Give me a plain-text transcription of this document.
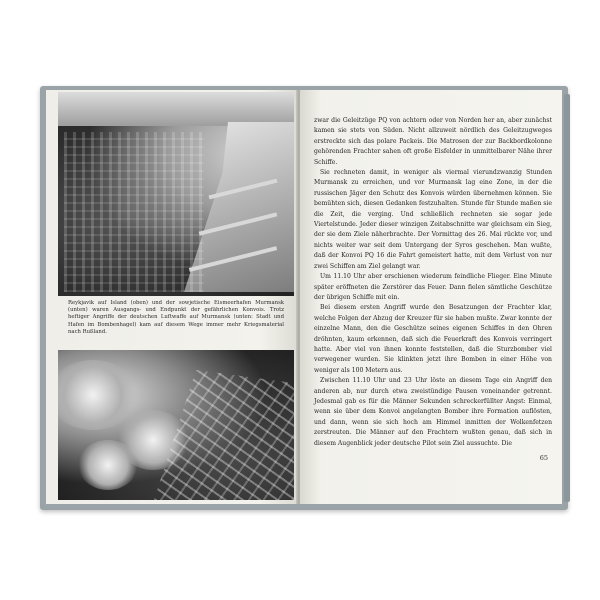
Reykjavik auf Island (oben) und der sowjetische Eismeerhafen Murmansk (unten) waren Ausgangs- und Endpunkt der gefährlichen Konvois. Trotz heftiger Angriffe der deutschen Luftwaffe auf Murmansk (unten: Stadt und Hafen im Bombenhagel) kam auf diesem Wege immer mehr Kriegsmaterial nach Rußland.

zwar die Geleitzüge PQ von achtern oder von Norden her an, aber zunächst kamen sie stets von Süden. Nicht allzuweit nördlich des Geleitzugweges erstreckte sich das polare Packeis. Die Matrosen der zur Backbordkolonne gehörenden Frachter sahen oft große Eisfelder in unmittelbarer Nähe ihrer Schiffe.

Sie rechneten damit, in weniger als viermal vierundzwanzig Stunden Murmansk zu erreichen, und vor Murmansk lag eine Zone, in der die russischen Jäger den Schutz des Konvois würden übernehmen können. Sie bemühten sich, diesen Gedanken festzuhalten. Stunde für Stunde maßen sie die Zeit, die verging. Und schließlich rechneten sie sogar jede Viertelstunde. Jeder dieser winzigen Zeitabschnitte war gleichsam ein Sieg, der sie dem Ziele näherbrachte. Der Vormittag des 26. Mai rückte vor, und nichts weiter war seit dem Untergang der Syros geschehen. Man wußte, daß der Konvoi PQ 16 die Fahrt gemeistert hatte, mit dem Verlust von nur zwei Schiffen am Ziel gelangt war.

Um 11.10 Uhr aber erschienen wiederum feindliche Flieger. Eine Minute später eröffneten die Zerstörer das Feuer. Dann fielen sämtliche Geschütze der übrigen Schiffe mit ein.

Bei diesem ersten Angriff wurde den Besatzungen der Frachter klar, welche Folgen der Abzug der Kreuzer für sie haben mußte. Zwar konnte der einzelne Mann, den die Geschütze seines eigenen Schiffes in den Ohren dröhnten, kaum erkennen, daß sich die Feuerkraft des Konvois verringert hatte. Aber viel von ihnen konnte feststellen, daß die Sturzbomber viel verwegener wurden. Sie klinkten jetzt ihre Bomben in einer Höhe von weniger als 100 Metern aus.

Zwischen 11.10 Uhr und 23 Uhr löste an diesem Tage ein Angriff den anderen ab, nur durch etwa zweistündige Pausen voneinander getrennt. Jedesmal gab es für die Männer Sekunden schreckerfüllter Angst: Einmal, wenn sie über dem Konvoi angelangten Bomber ihre Formation auflösten, und dann, wenn sie sich hoch am Himmel inmitten der Wolkenfetzen zerstreuten. Die Männer auf den Frachtern wußten genau, daß sich in diesem Augenblick jeder deutsche Pilot sein Ziel aussuchte. Die

65
